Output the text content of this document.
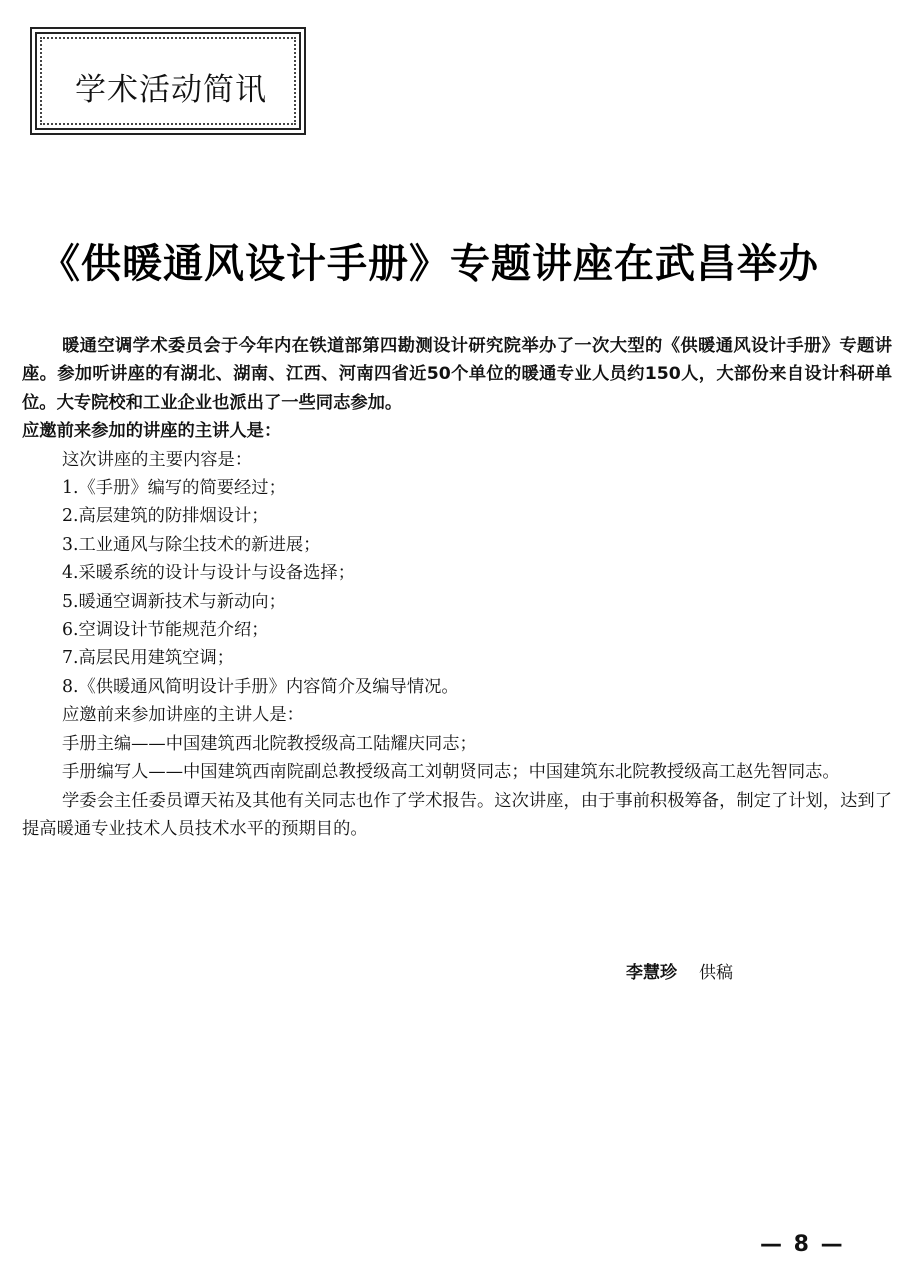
学术活动简讯
《供暖通风设计手册》专题讲座在武昌举办

暖通空调学术委员会于今年内在铁道部第四勘测设计研究院举办了一次大型的《供暖通风设计手册》专题讲座。参加听讲座的有湖北、湖南、江西、河南四省近50个单位的暖通专业人员约150人，大部份来自设计科研单位。大专院校和工业企业也派出了一些同志参加。

应邀前来参加的讲座的主讲人是：

这次讲座的主要内容是：

1.《手册》编写的简要经过；

2.高层建筑的防排烟设计；

3.工业通风与除尘技术的新进展；

4.采暖系统的设计与设计与设备选择；

5.暖通空调新技术与新动向；

6.空调设计节能规范介绍；

7.高层民用建筑空调；

8.《供暖通风简明设计手册》内容简介及编导情况。

应邀前来参加讲座的主讲人是：

手册主编——中国建筑西北院教授级高工陆耀庆同志；

手册编写人——中国建筑西南院副总教授级高工刘朝贤同志；中国建筑东北院教授级高工赵先智同志。

学委会主任委员谭天祐及其他有关同志也作了学术报告。这次讲座，由于事前积极筹备，制定了计划，达到了提高暖通专业技术人员技术水平的预期目的。

李慧珍 供稿
— 8 —
